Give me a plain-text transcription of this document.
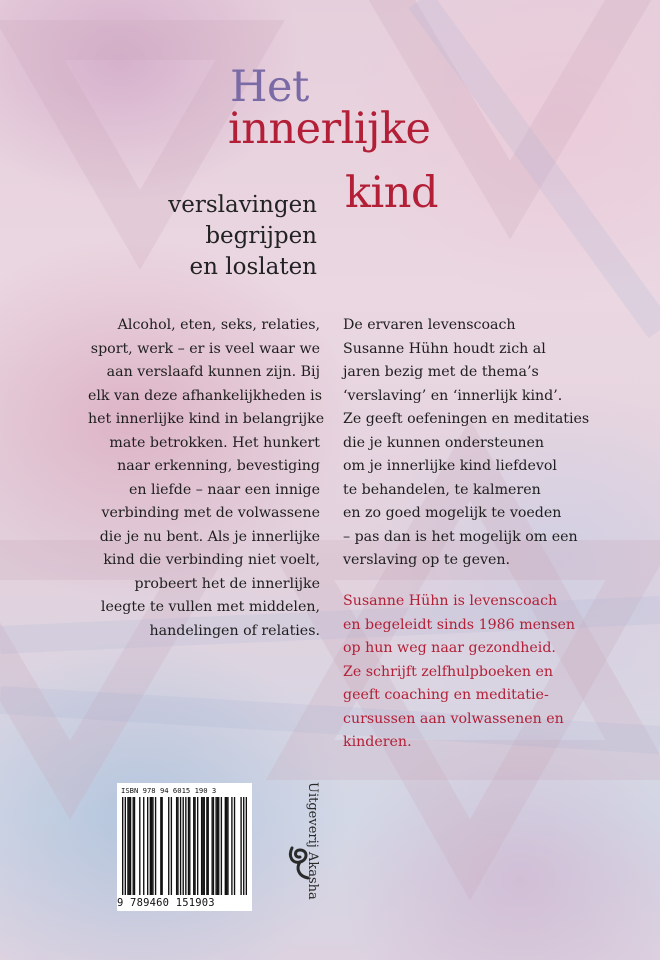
Het
innerlijke
kind
verslavingen
begrijpen
en loslaten
Alcohol, eten, seks, relaties,
sport, werk – er is veel waar we
aan verslaafd kunnen zijn. Bij
elk van deze afhankelijkheden is
het innerlijke kind in belangrijke
mate betrokken. Het hunkert
naar erkenning, bevestiging
en liefde – naar een innige
verbinding met de volwassene
die je nu bent. Als je innerlijke
kind die verbinding niet voelt,
probeert het de innerlijke
leegte te vullen met middelen,
handelingen of relaties.
De ervaren levenscoach
Susanne Hühn houdt zich al
jaren bezig met de thema’s
‘verslaving’ en ‘innerlijk kind’.
Ze geeft oefeningen en meditaties
die je kunnen ondersteunen
om je innerlijke kind liefdevol
te behandelen, te kalmeren
en zo goed mogelijk te voeden
– pas dan is het mogelijk om een
verslaving op te geven.
Susanne Hühn is levenscoach
en begeleidt sinds 1986 mensen
op hun weg naar gezondheid.
Ze schrijft zelfhulpboeken en
geeft coaching en meditatie-
cursussen aan volwassenen en
kinderen.
ISBN 978 94 6015 190 3
9 789460 151903
Uitgeverij Akasha
